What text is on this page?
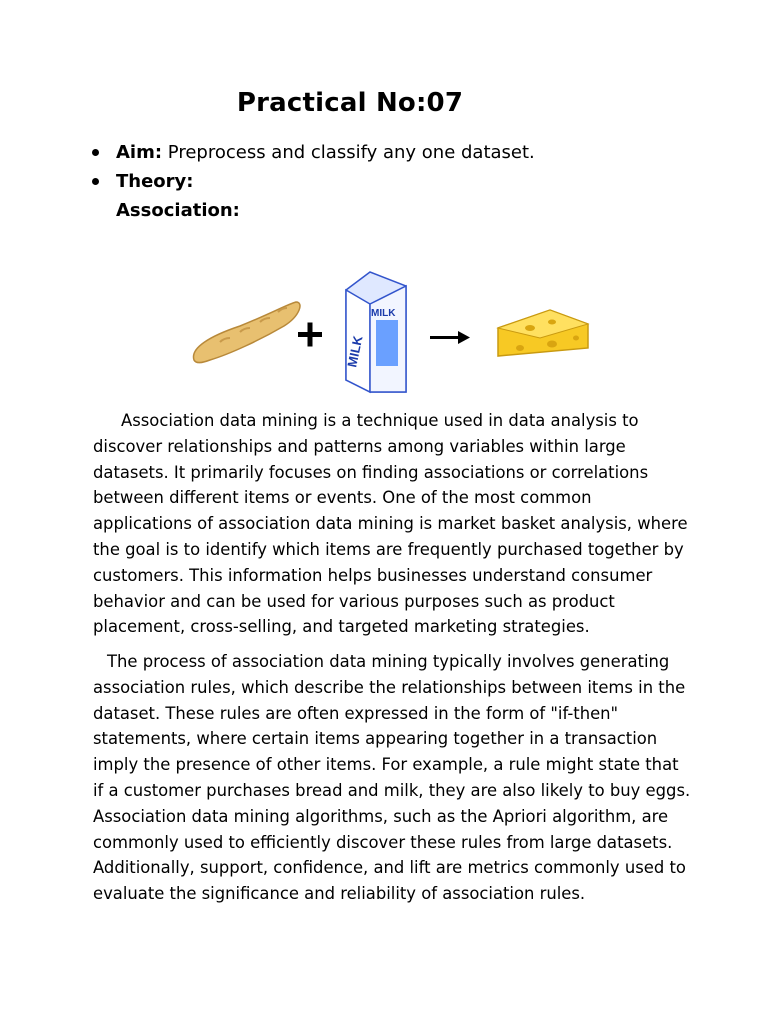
Practical No:07
Aim: Preprocess and classify any one dataset.
Theory:
Association:
MILK
MILK

Association data mining is a technique used in data analysis to discover relationships and patterns among variables within large datasets. It primarily focuses on finding associations or correlations between different items or events. One of the most common applications of association data mining is market basket analysis, where the goal is to identify which items are frequently purchased together by customers. This information helps businesses understand consumer behavior and can be used for various purposes such as product placement, cross-selling, and targeted marketing strategies.

The process of association data mining typically involves generating association rules, which describe the relationships between items in the dataset. These rules are often expressed in the form of "if-then" statements, where certain items appearing together in a transaction imply the presence of other items. For example, a rule might state that if a customer purchases bread and milk, they are also likely to buy eggs. Association data mining algorithms, such as the Apriori algorithm, are commonly used to efficiently discover these rules from large datasets. Additionally, support, confidence, and lift are metrics commonly used to evaluate the significance and reliability of association rules.
